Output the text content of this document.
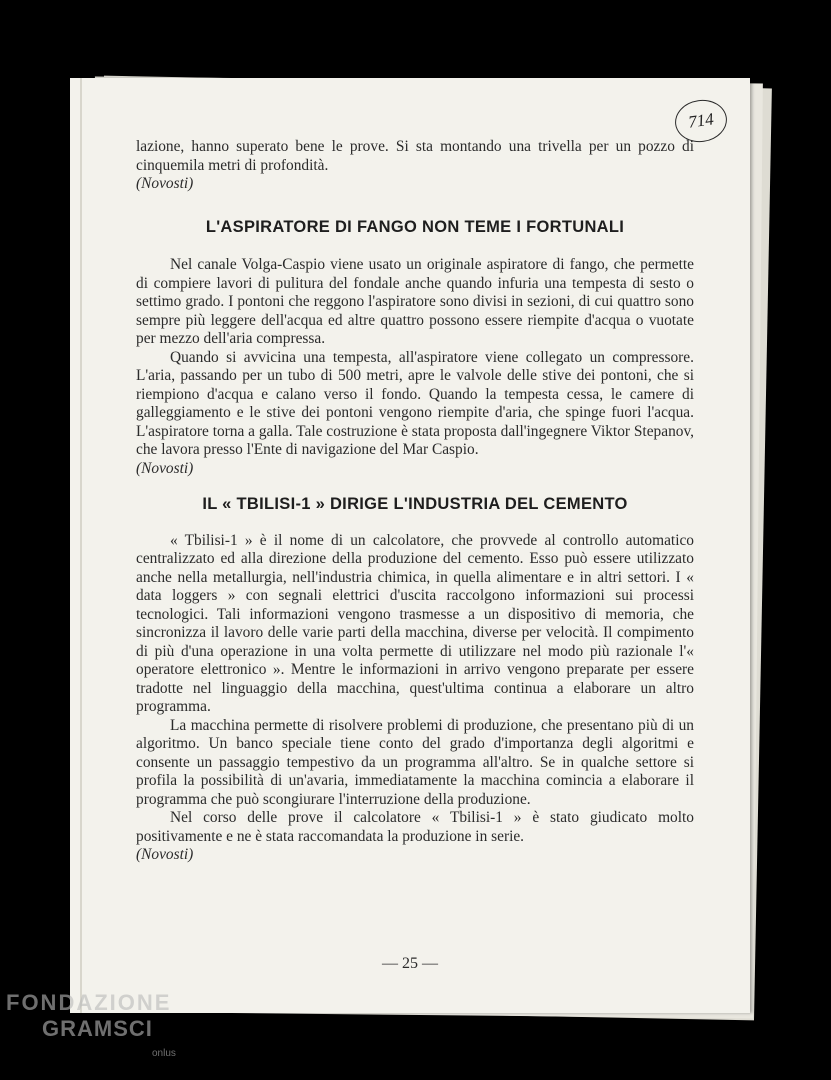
714

lazione, hanno superato bene le prove. Si sta montando una trivella per un pozzo di cinquemila metri di profondità.

(Novosti)

L'ASPIRATORE DI FANGO NON TEME I FORTUNALI

Nel canale Volga-Caspio viene usato un originale aspiratore di fango, che permette di compiere lavori di pulitura del fondale anche quando infuria una tempesta di sesto o settimo grado. I pontoni che reggono l'aspiratore sono divisi in sezioni, di cui quattro sono sempre più leggere dell'acqua ed altre quattro possono essere riempite d'acqua o vuotate per mezzo dell'aria compressa.

Quando si avvicina una tempesta, all'aspiratore viene collegato un compressore. L'aria, passando per un tubo di 500 metri, apre le valvole delle stive dei pontoni, che si riempiono d'acqua e calano verso il fondo. Quando la tempesta cessa, le camere di galleggiamento e le stive dei pontoni vengono riempite d'aria, che spinge fuori l'acqua. L'aspiratore torna a galla. Tale costruzione è stata proposta dall'ingegnere Viktor Stepanov, che lavora presso l'Ente di navigazione del Mar Caspio.

(Novosti)

IL « TBILISI-1 » DIRIGE L'INDUSTRIA DEL CEMENTO

« Tbilisi-1 » è il nome di un calcolatore, che provvede al controllo automatico centralizzato ed alla direzione della produzione del cemento. Esso può essere utilizzato anche nella metallurgia, nell'industria chimica, in quella alimentare e in altri settori. I « data loggers » con segnali elettrici d'uscita raccolgono informazioni sui processi tecnologici. Tali informazioni vengono trasmesse a un dispositivo di memoria, che sincronizza il lavoro delle varie parti della macchina, diverse per velocità. Il compimento di più d'una operazione in una volta permette di utilizzare nel modo più razionale l'« operatore elettronico ». Mentre le informazioni in arrivo vengono preparate per essere tradotte nel linguaggio della macchina, quest'ultima continua a elaborare un altro programma.

La macchina permette di risolvere problemi di produzione, che presentano più di un algoritmo. Un banco speciale tiene conto del grado d'importanza degli algoritmi e consente un passaggio tempestivo da un programma all'altro. Se in qualche settore si profila la possibilità di un'avaria, immediatamente la macchina comincia a elaborare il programma che può scongiurare l'interruzione della produzione.

Nel corso delle prove il calcolatore « Tbilisi-1 » è stato giudicato molto positivamente e ne è stata raccomandata la produzione in serie.

(Novosti)

— 25 —
FONDAZIONE
GRAMSCI
onlus
